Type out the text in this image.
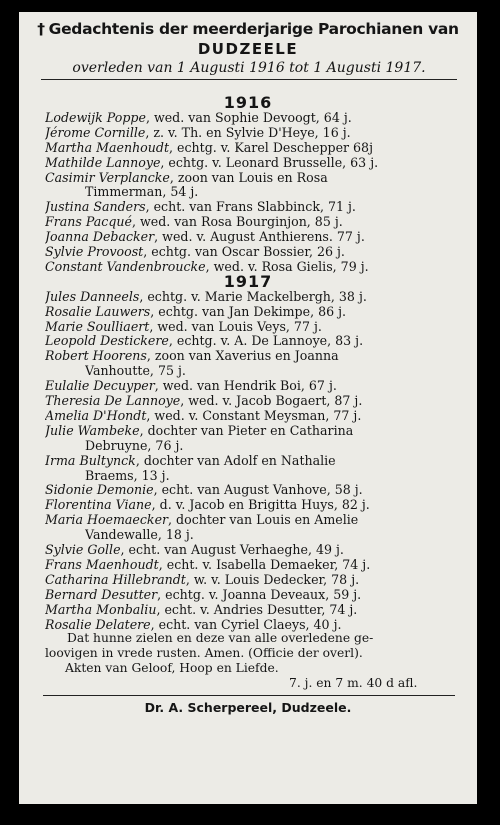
† Gedachtenis der meerderjarige Parochianen van
DUDZEELE
overleden van 1 Augusti 1916 tot 1 Augusti 1917.
1916
Lodewijk Poppe, wed. van Sophie Devoogt, 64 j.
Jérome Cornille, z. v. Th. en Sylvie D'Heye, 16 j.
Martha Maenhoudt, echtg. v. Karel Deschepper 68j
Mathilde Lannoye, echtg. v. Leonard Brusselle, 63 j.
Casimir Verplancke, zoon van Louis en Rosa
Timmerman, 54 j.
Justina Sanders, echt. van Frans Slabbinck, 71 j.
Frans Pacqué, wed. van Rosa Bourginjon, 85 j.
Joanna Debacker, wed. v. August Anthierens. 77 j.
Sylvie Provoost, echtg. van Oscar Bossier, 26 j.
Constant Vandenbroucke, wed. v. Rosa Gielis, 79 j.
1917
Jules Danneels, echtg. v. Marie Mackelbergh, 38 j.
Rosalie Lauwers, echtg. van Jan Dekimpe, 86 j.
Marie Soulliaert, wed. van Louis Veys, 77 j.
Leopold Destickere, echtg. v. A. De Lannoye, 83 j.
Robert Hoorens, zoon van Xaverius en Joanna
Vanhoutte, 75 j.
Eulalie Decuyper, wed. van Hendrik Boi, 67 j.
Theresia De Lannoye, wed. v. Jacob Bogaert, 87 j.
Amelia D'Hondt, wed. v. Constant Meysman, 77 j.
Julie Wambeke, dochter van Pieter en Catharina
Debruyne, 76 j.
Irma Bultynck, dochter van Adolf en Nathalie
Braems, 13 j.
Sidonie Demonie, echt. van August Vanhove, 58 j.
Florentina Viane, d. v. Jacob en Brigitta Huys, 82 j.
Maria Hoemaecker, dochter van Louis en Amelie
Vandewalle, 18 j.
Sylvie Golle, echt. van August Verhaeghe, 49 j.
Frans Maenhoudt, echt. v. Isabella Demaeker, 74 j.
Catharina Hillebrandt, w. v. Louis Dedecker, 78 j.
Bernard Desutter, echtg. v. Joanna Deveaux, 59 j.
Martha Monbaliu, echt. v. Andries Desutter, 74 j.
Rosalie Delatere, echt. van Cyriel Claeys, 40 j.
Dr. A. Scherpereel, Dudzeele.
Dat hunne zielen en deze van alle overledene ge-
loovigen in vrede rusten. Amen. (Officie der overl).
Akten van Geloof, Hoop en Liefde.
7. j. en 7 m. 40 d afl.
